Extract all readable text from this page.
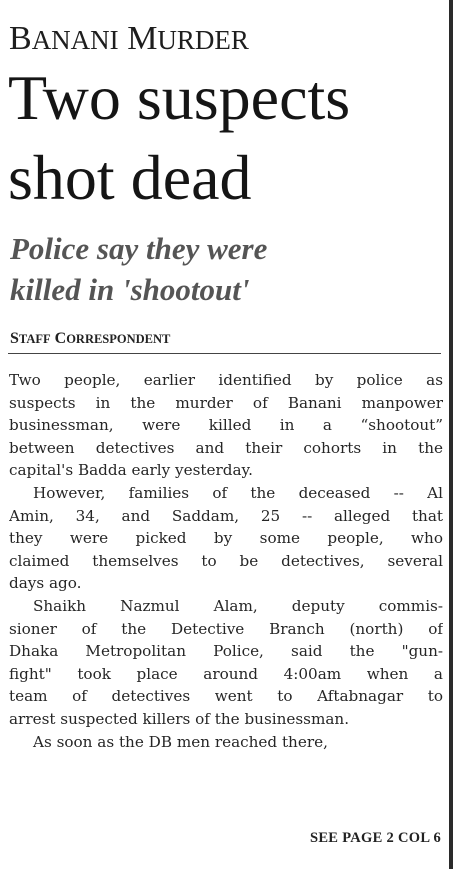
BANANI MURDER
Two suspects
shot dead
Police say they were
killed in 'shootout'
STAFF CORRESPONDENT

Two people, earlier identified by police as
suspects in the murder of Banani manpower
businessman, were killed in a “shootout”
between detectives and their cohorts in the
capital's Badda early yesterday.

However, families of the deceased -- Al
Amin, 34, and Saddam, 25 -- alleged that
they were picked by some people, who
claimed themselves to be detectives, several
days ago.

Shaikh Nazmul Alam, deputy commis-
sioner of the Detective Branch (north) of
Dhaka Metropolitan Police, said the "gun-
fight" took place around 4:00am when a
team of detectives went to Aftabnagar to
arrest suspected killers of the businessman.

As soon as the DB men reached there,

SEE PAGE 2 COL 6
